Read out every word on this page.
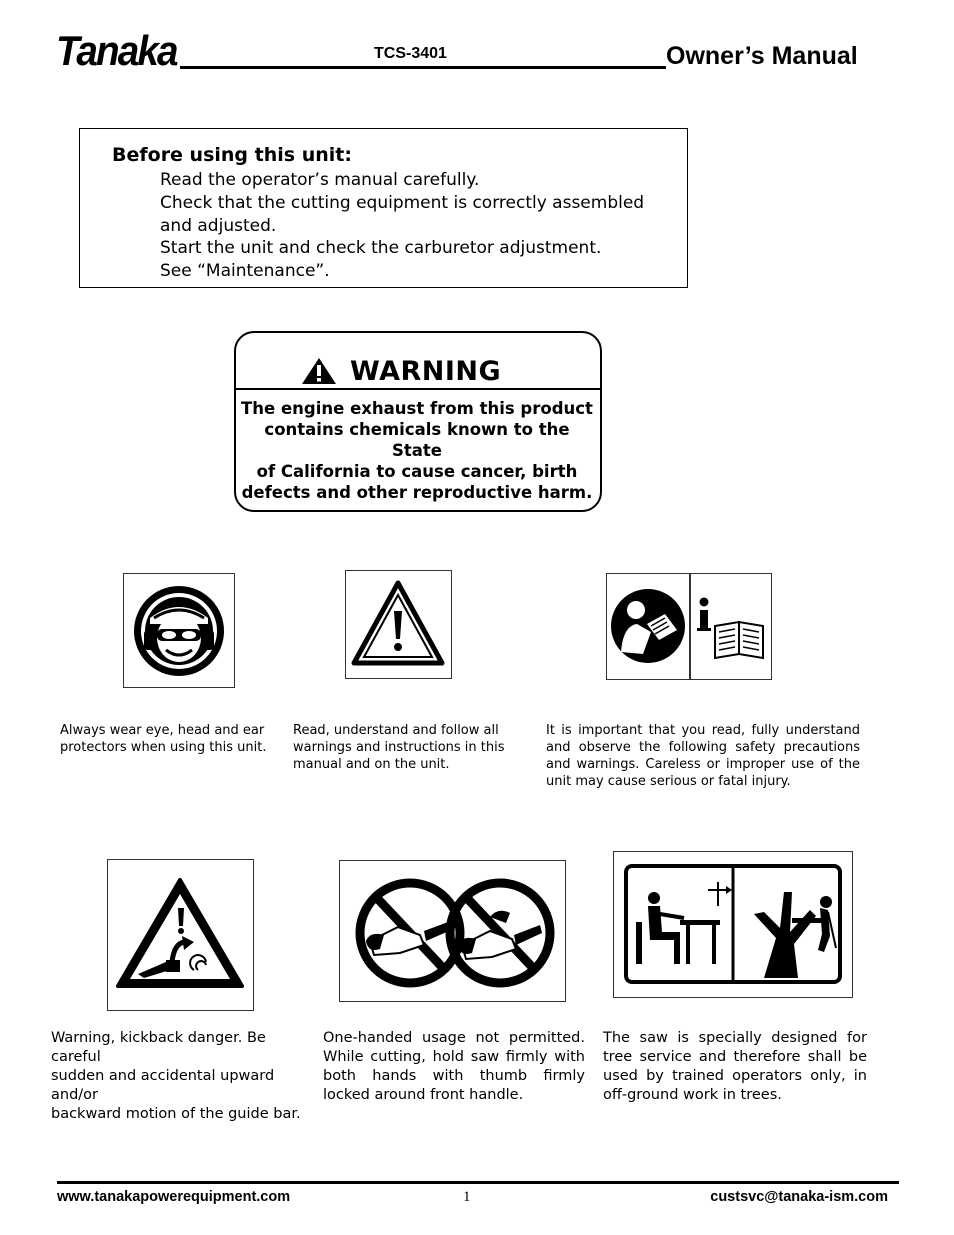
Tanaka	TCS-3401	Owner’s Manual
Before using this unit:
Read the operator’s manual carefully.
Check that the cutting equipment is correctly assembled
and adjusted.
Start the unit and check the carburetor adjustment.
See “Maintenance”.
WARNING
The engine exhaust from this product
contains chemicals known to the State
of California to cause cancer, birth
defects and other reproductive harm.
Always wear eye, head and ear
protectors when using this unit.
Read, understand and follow all
warnings and instructions in this
manual and on the unit.
It is important that you read, fully understand and observe the following safety precautions and warnings. Careless or improper use of the unit may cause serious or fatal injury.
Warning, kickback danger. Be careful
sudden and accidental upward and/or
backward motion of the guide bar.
One-handed usage not permitted. While cutting, hold saw firmly with both hands with thumb firmly locked around front handle.
The saw is specially designed for tree service and therefore shall be used by trained operators only, in off-ground work in trees.
www.tanakapowerequipment.com	1	custsvc@tanaka-ism.com
